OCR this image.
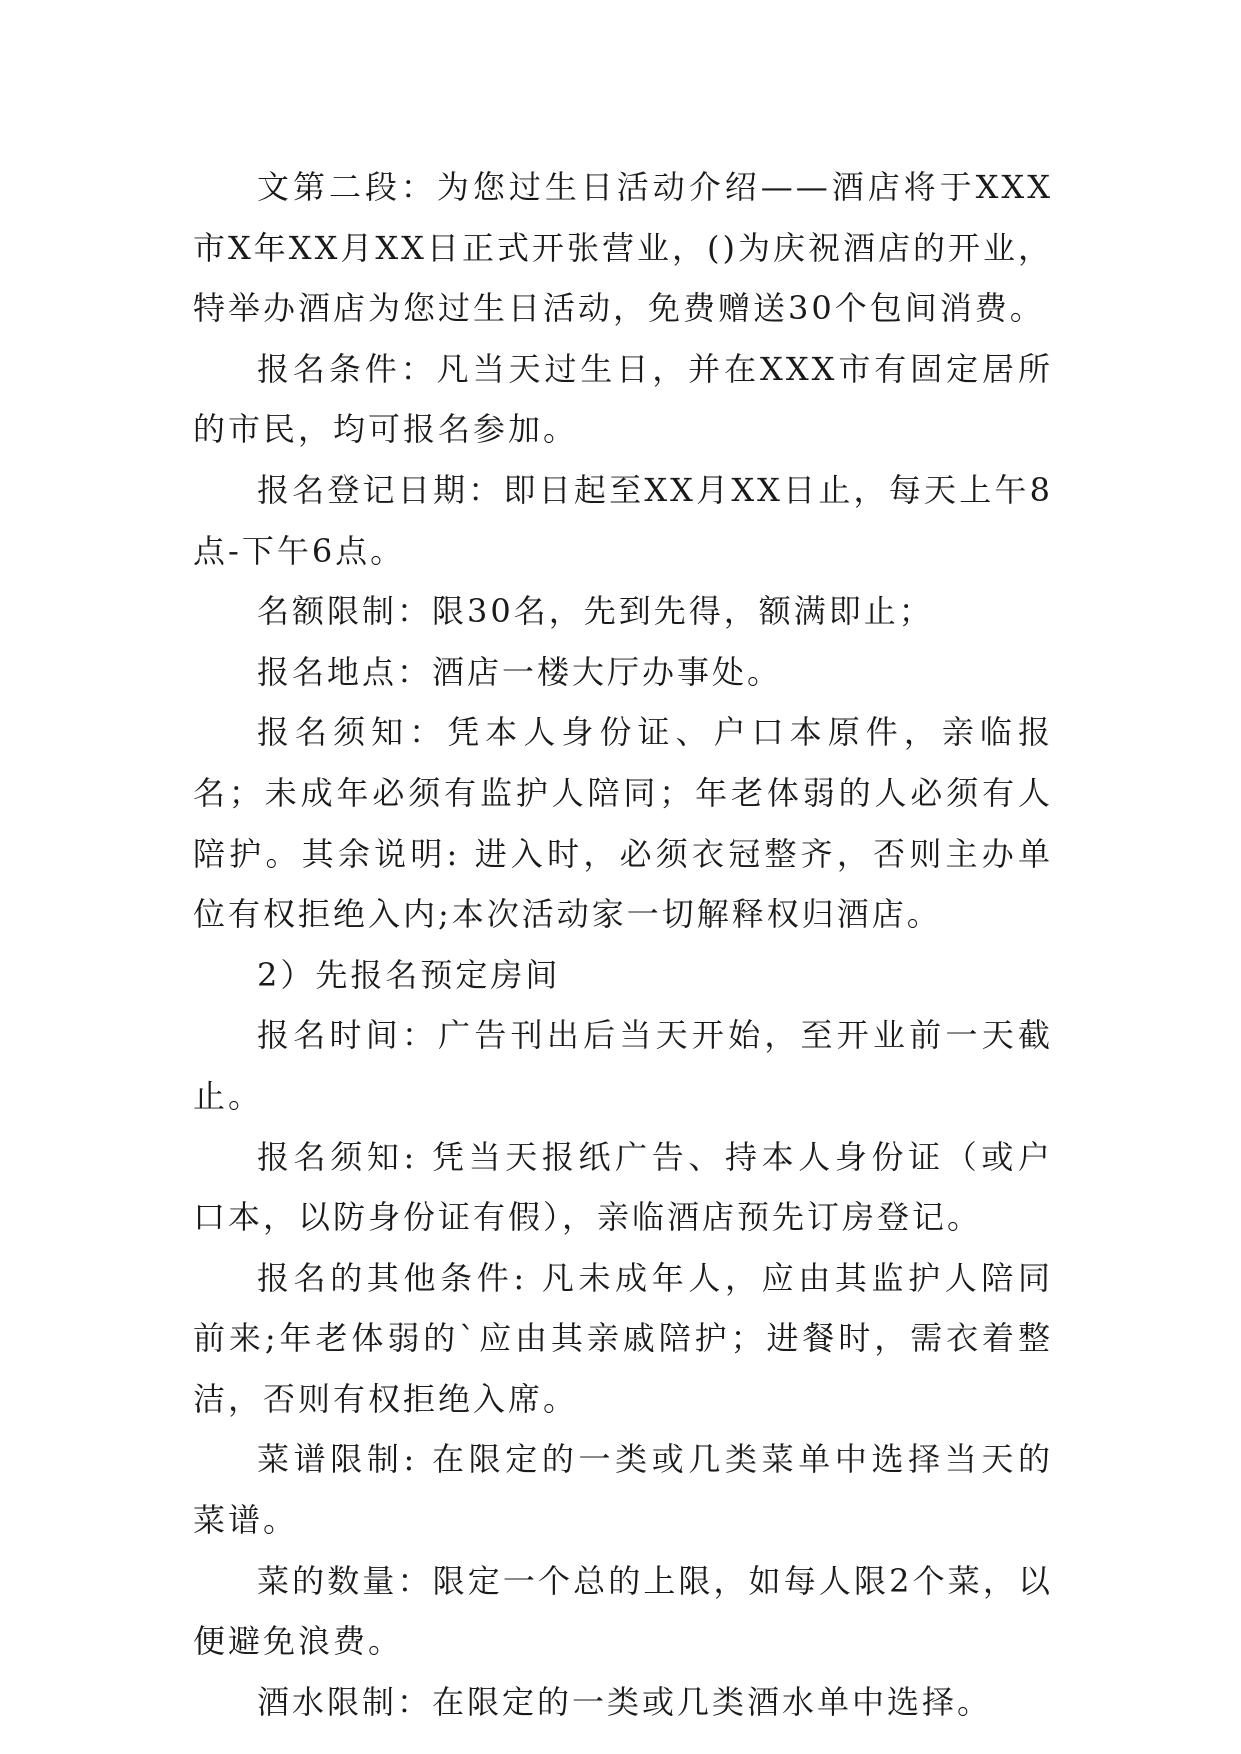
文第二段：为您过生日活动介绍——酒店将于XXX市X年XX月XX日正式开张营业，()为庆祝酒店的开业，特举办酒店为您过生日活动，免费赠送30个包间消费。

报名条件：凡当天过生日，并在XXX市有固定居所的市民，均可报名参加。

报名登记日期：即日起至XX月XX日止，每天上午8点-下午6点。

名额限制：限30名，先到先得，额满即止；

报名地点：酒店一楼大厅办事处。

报名须知：凭本人身份证、户口本原件，亲临报名；未成年必须有监护人陪同；年老体弱的人必须有人陪护。其余说明: 进入时，必须衣冠整齐，否则主办单位有权拒绝入内;本次活动家一切解释权归酒店。

2）先报名预定房间

报名时间：广告刊出后当天开始，至开业前一天截止。

报名须知: 凭当天报纸广告、持本人身份证（或户口本，以防身份证有假），亲临酒店预先订房登记。

报名的其他条件: 凡未成年人，应由其监护人陪同前来;年老体弱的`应由其亲戚陪护；进餐时，需衣着整洁，否则有权拒绝入席。

菜谱限制: 在限定的一类或几类菜单中选择当天的菜谱。

菜的数量：限定一个总的上限，如每人限2个菜，以便避免浪费。

酒水限制：在限定的一类或几类酒水单中选择。
